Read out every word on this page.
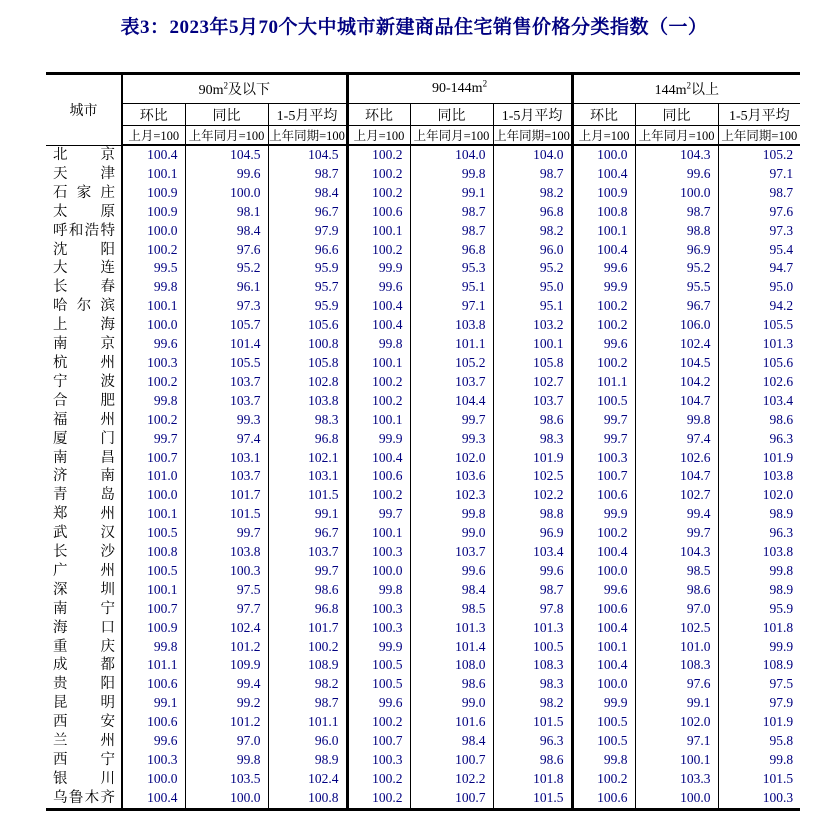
表3：2023年5月70个大中城市新建商品住宅销售价格分类指数（一）
城市	$90m^2$及以下			$90-144m^2$			$144m^2$以上		
	环比	同比	1-5月平均	环比	同比	1-5月平均	环比	同比	1-5月平均
	上月=100	上年同月=100	上年同期=100	上月=100	上年同月=100	上年同期=100	上月=100	上年同月=100	上年同期=100
北京	100.4	104.5	104.5	100.2	104.0	104.0	100.0	104.3	105.2
天津	100.1	99.6	98.7	100.2	99.8	98.7	100.4	99.6	97.1
石家庄	100.9	100.0	98.4	100.2	99.1	98.2	100.9	100.0	98.7
太原	100.9	98.1	96.7	100.6	98.7	96.8	100.8	98.7	97.6
呼和浩特	100.0	98.4	97.9	100.1	98.7	98.2	100.1	98.8	97.3
沈阳	100.2	97.6	96.6	100.2	96.8	96.0	100.4	96.9	95.4
大连	99.5	95.2	95.9	99.9	95.3	95.2	99.6	95.2	94.7
长春	99.8	96.1	95.7	99.6	95.1	95.0	99.9	95.5	95.0
哈尔滨	100.1	97.3	95.9	100.4	97.1	95.1	100.2	96.7	94.2
上海	100.0	105.7	105.6	100.4	103.8	103.2	100.2	106.0	105.5
南京	99.6	101.4	100.8	99.8	101.1	100.1	99.6	102.4	101.3
杭州	100.3	105.5	105.8	100.1	105.2	105.8	100.2	104.5	105.6
宁波	100.2	103.7	102.8	100.2	103.7	102.7	101.1	104.2	102.6
合肥	99.8	103.7	103.8	100.2	104.4	103.7	100.5	104.7	103.4
福州	100.2	99.3	98.3	100.1	99.7	98.6	99.7	99.8	98.6
厦门	99.7	97.4	96.8	99.9	99.3	98.3	99.7	97.4	96.3
南昌	100.7	103.1	102.1	100.4	102.0	101.9	100.3	102.6	101.9
济南	101.0	103.7	103.1	100.6	103.6	102.5	100.7	104.7	103.8
青岛	100.0	101.7	101.5	100.2	102.3	102.2	100.6	102.7	102.0
郑州	100.1	101.5	99.1	99.7	99.8	98.8	99.9	99.4	98.9
武汉	100.5	99.7	96.7	100.1	99.0	96.9	100.2	99.7	96.3
长沙	100.8	103.8	103.7	100.3	103.7	103.4	100.4	104.3	103.8
广州	100.5	100.3	99.7	100.0	99.6	99.6	100.0	98.5	99.8
深圳	100.1	97.5	98.6	99.8	98.4	98.7	99.6	98.6	98.9
南宁	100.7	97.7	96.8	100.3	98.5	97.8	100.6	97.0	95.9
海口	100.9	102.4	101.7	100.3	101.3	101.3	100.4	102.5	101.8
重庆	99.8	101.2	100.2	99.9	101.4	100.5	100.1	101.0	99.9
成都	101.1	109.9	108.9	100.5	108.0	108.3	100.4	108.3	108.9
贵阳	100.6	99.4	98.2	100.5	98.6	98.3	100.0	97.6	97.5
昆明	99.1	99.2	98.7	99.6	99.0	98.2	99.9	99.1	97.9
西安	100.6	101.2	101.1	100.2	101.6	101.5	100.5	102.0	101.9
兰州	99.6	97.0	96.0	100.7	98.4	96.3	100.5	97.1	95.8
西宁	100.3	99.8	98.9	100.3	100.7	98.6	99.8	100.1	99.8
银川	100.0	103.5	102.4	100.2	102.2	101.8	100.2	103.3	101.5
乌鲁木齐	100.4	100.0	100.8	100.2	100.7	101.5	100.6	100.0	100.3
